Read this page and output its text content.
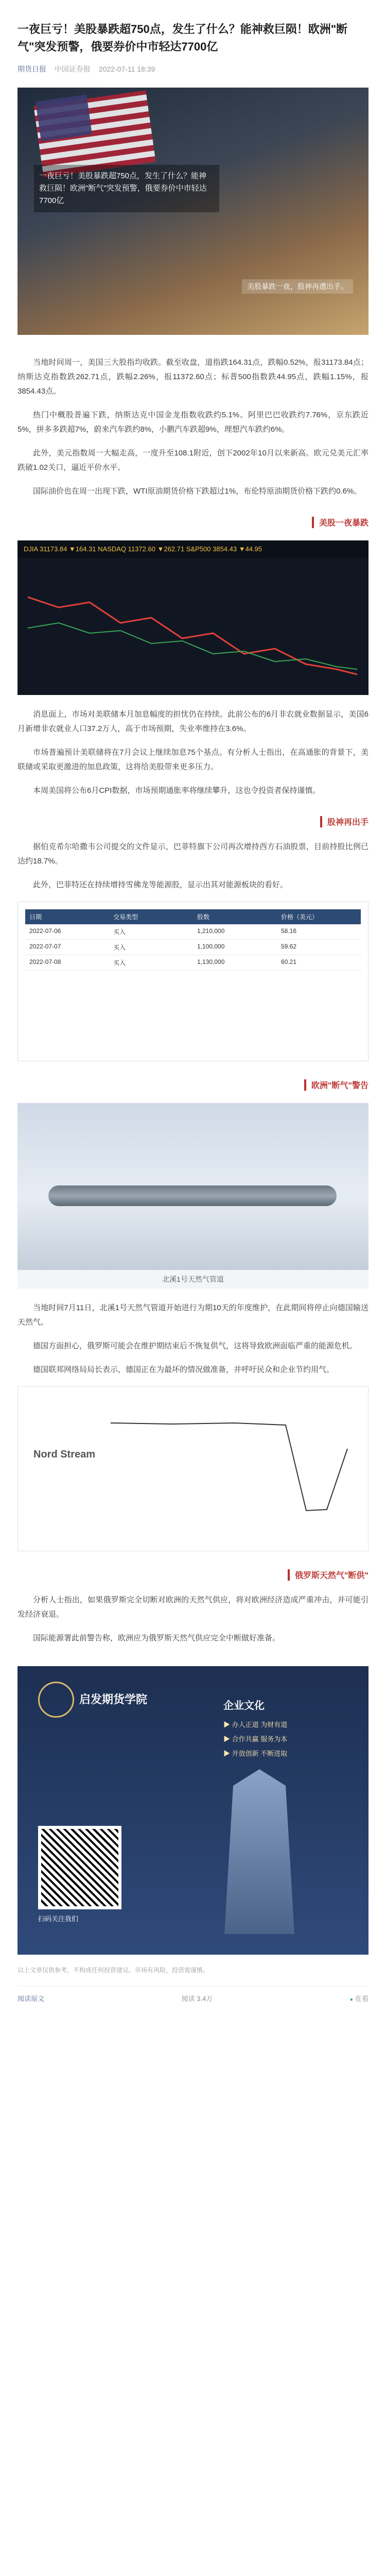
一夜巨亏！美股暴跌超750点，发生了什么？能神救巨陨！欧洲"断气"突发预警，俄要券价中市轻达7700亿
期货日报 中国证券报 2022-07-11 18:39
一夜巨亏！美股暴跌超750点，发生了什么？能神救巨陨！欧洲"断气"突发预警，俄要券价中市轻达7700亿
美股暴跌一夜，股神再遭出手。

当地时间周一，美国三大股指均收跌。截至收盘，道指跌164.31点，跌幅0.52%，报31173.84点；纳斯达克指数跌262.71点，跌幅2.26%，报11372.60点；标普500指数跌44.95点，跌幅1.15%，报3854.43点。

热门中概股普遍下跌，纳斯达克中国金龙指数收跌约5.1%。阿里巴巴收跌约7.76%，京东跌近5%，拼多多跌超7%，蔚来汽车跌约8%，小鹏汽车跌超9%，理想汽车跌约6%。

此外，美元指数周一大幅走高，一度升至108.1附近，创下2002年10月以来新高。欧元兑美元汇率跌破1.02关口，逼近平价水平。

国际油价也在周一出现下跌，WTI原油期货价格下跌超过1%，布伦特原油期货价格下跌约0.6%。

美股一夜暴跌
DJIA 31173.84 ▼164.31 NASDAQ 11372.60 ▼262.71 S&P500 3854.43 ▼44.95

消息面上，市场对美联储本月加息幅度的担忧仍在持续。此前公布的6月非农就业数据显示，美国6月新增非农就业人口37.2万人，高于市场预期，失业率维持在3.6%。

市场普遍预计美联储将在7月会议上继续加息75个基点。有分析人士指出，在高通胀的背景下，美联储或采取更激进的加息政策，这将给美股带来更多压力。

本周美国将公布6月CPI数据，市场预期通胀率将继续攀升，这也令投资者保持谨慎。

股神再出手

据伯克希尔哈撒韦公司提交的文件显示，巴菲特旗下公司再次增持西方石油股票，目前持股比例已达约18.7%。

此外，巴菲特还在持续增持雪佛龙等能源股，显示出其对能源板块的看好。

日期	交易类型	股数	价格（美元）
2022-07-06	买入	1,210,000	58.16
2022-07-07	买入	1,100,000	59.62
2022-07-08	买入	1,130,000	60.21
欧洲"断气"警告
北溪1号天然气管道

当地时间7月11日，北溪1号天然气管道开始进行为期10天的年度维护，在此期间将停止向德国输送天然气。

德国方面担心，俄罗斯可能会在维护期结束后不恢复供气，这将导致欧洲面临严重的能源危机。

德国联邦网络局局长表示，德国正在为最坏的情况做准备，并呼吁民众和企业节约用气。

Nord Stream
俄罗斯天然气"断供"

分析人士指出，如果俄罗斯完全切断对欧洲的天然气供应，将对欧洲经济造成严重冲击，并可能引发经济衰退。

国际能源署此前警告称，欧洲应为俄罗斯天然气供应完全中断做好准备。

启发期货学院	企业文化
▶ 办人正道 为财有道
▶ 合作共赢 服务为本
▶ 开放创新 不断进取
扫码关注我们
以上文章仅供参考，不构成任何投资建议。市场有风险，投资需谨慎。
阅读原文	阅读 3.4万	● 在看
